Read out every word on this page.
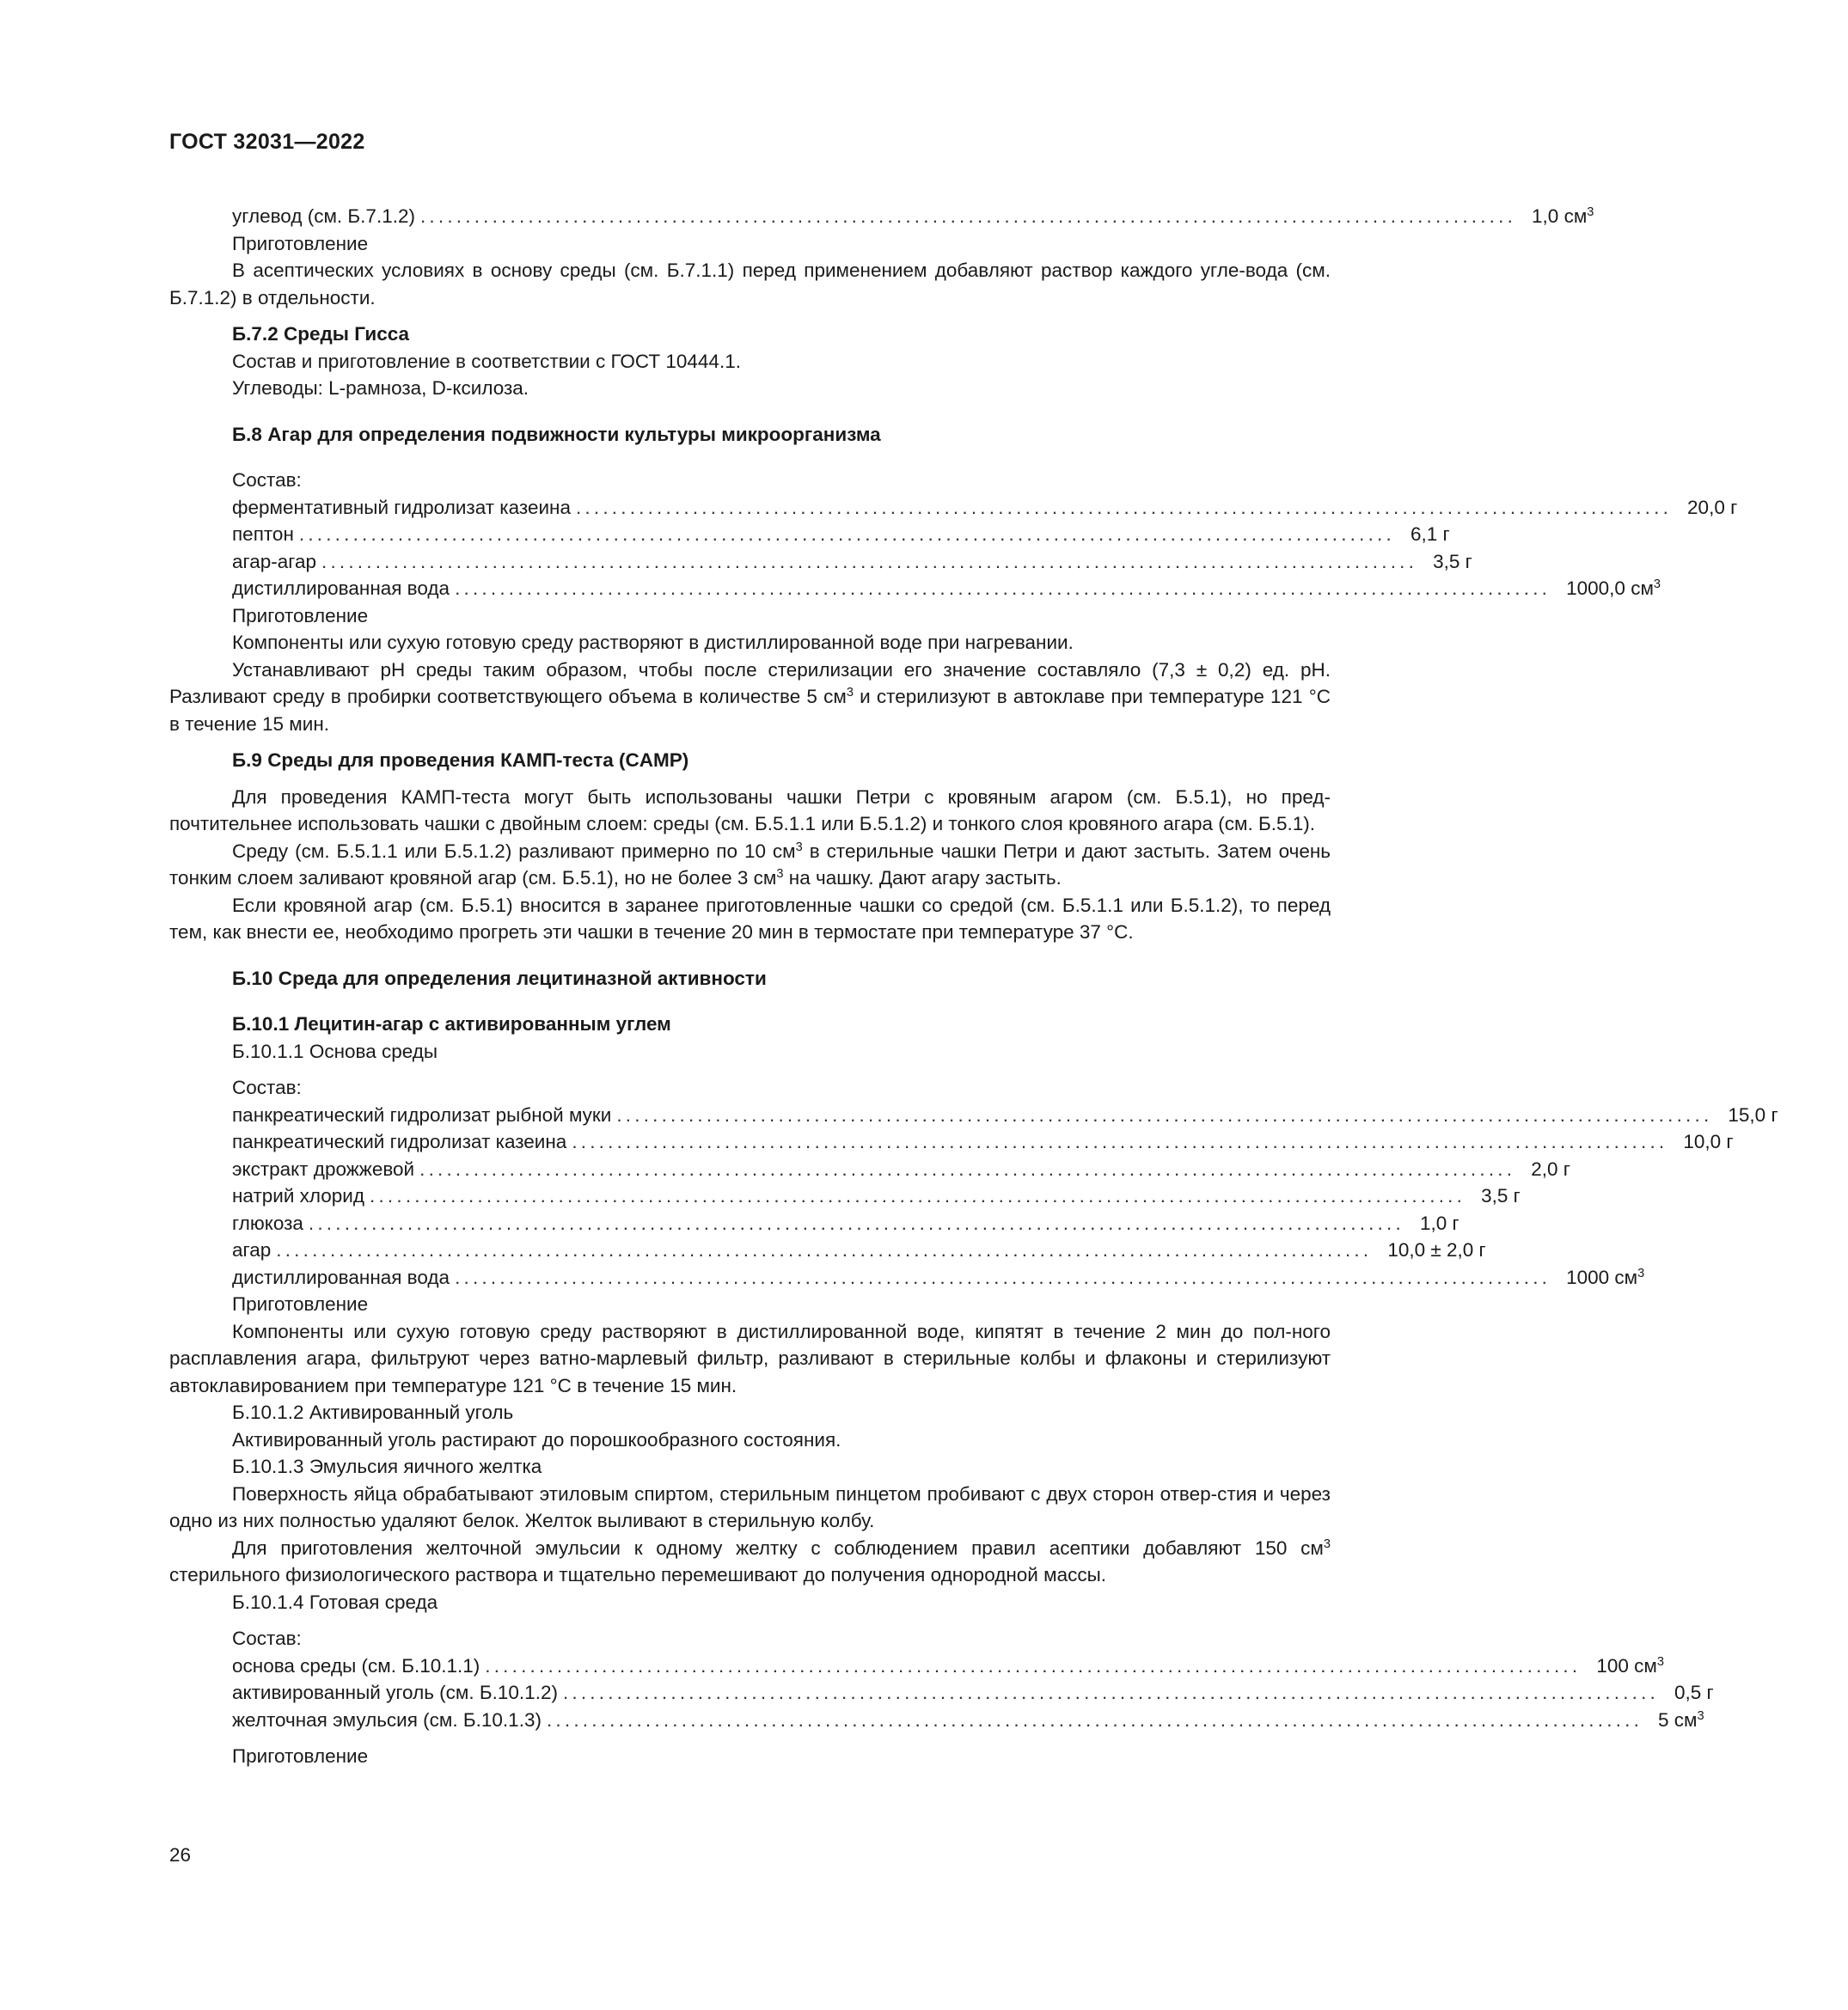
ГОСТ 32031—2022
углевод (см. Б.7.1.2) .......................................................................................................................... 1,0 $см^3$

Приготовление

В асептических условиях в основу среды (см. Б.7.1.1) перед применением добавляют раствор каждого угле-вода (см. Б.7.1.2) в отдельности.

Б.7.2 Среды Гисса

Состав и приготовление в соответствии с ГОСТ 10444.1.

Углеводы: L-рамноза, D-ксилоза.

Б.8 Агар для определения подвижности культуры микроорганизма

Состав:

ферментативный гидролизат казеина .......................................................................................................................... 20,0 г
пептон .......................................................................................................................... 6,1 г
агар-агар .......................................................................................................................... 3,5 г
дистиллированная вода .......................................................................................................................... 1000,0 $см^3$

Приготовление

Компоненты или сухую готовую среду растворяют в дистиллированной воде при нагревании.

Устанавливают pH среды таким образом, чтобы после стерилизации его значение составляло (7,3 ± 0,2) ед. pH. Разливают среду в пробирки соответствующего объема в количестве 5 $см^3$ и стерилизуют в автоклаве при температуре 121 °C в течение 15 мин.

Б.9 Среды для проведения КАМП-теста (CAMP)

Для проведения КАМП-теста могут быть использованы чашки Петри с кровяным агаром (см. Б.5.1), но пред-почтительнее использовать чашки с двойным слоем: среды (см. Б.5.1.1 или Б.5.1.2) и тонкого слоя кровяного агара (см. Б.5.1).

Среду (см. Б.5.1.1 или Б.5.1.2) разливают примерно по 10 $см^3$ в стерильные чашки Петри и дают застыть. Затем очень тонким слоем заливают кровяной агар (см. Б.5.1), но не более 3 $см^3$ на чашку. Дают агару застыть.

Если кровяной агар (см. Б.5.1) вносится в заранее приготовленные чашки со средой (см. Б.5.1.1 или Б.5.1.2), то перед тем, как внести ее, необходимо прогреть эти чашки в течение 20 мин в термостате при температуре 37 °C.

Б.10 Среда для определения лецитиназной активности

Б.10.1 Лецитин-агар с активированным углем

Б.10.1.1 Основа среды

Состав:

панкреатический гидролизат рыбной муки .......................................................................................................................... 15,0 г
панкреатический гидролизат казеина .......................................................................................................................... 10,0 г
экстракт дрожжевой .......................................................................................................................... 2,0 г
натрий хлорид .......................................................................................................................... 3,5 г
глюкоза .......................................................................................................................... 1,0 г
агар .......................................................................................................................... 10,0 ± 2,0 г
дистиллированная вода .......................................................................................................................... 1000 $см^3$

Приготовление

Компоненты или сухую готовую среду растворяют в дистиллированной воде, кипятят в течение 2 мин до пол-ного расплавления агара, фильтруют через ватно-марлевый фильтр, разливают в стерильные колбы и флаконы и стерилизуют автоклавированием при температуре 121 °C в течение 15 мин.

Б.10.1.2 Активированный уголь

Активированный уголь растирают до порошкообразного состояния.

Б.10.1.3 Эмульсия яичного желтка

Поверхность яйца обрабатывают этиловым спиртом, стерильным пинцетом пробивают с двух сторон отвер-стия и через одно из них полностью удаляют белок. Желток выливают в стерильную колбу.

Для приготовления желточной эмульсии к одному желтку с соблюдением правил асептики добавляют 150 $см^3$ стерильного физиологического раствора и тщательно перемешивают до получения однородной массы.

Б.10.1.4 Готовая среда

Состав:

основа среды (см. Б.10.1.1) .......................................................................................................................... 100 $см^3$
активированный уголь (см. Б.10.1.2) .......................................................................................................................... 0,5 г
желточная эмульсия (см. Б.10.1.3) .......................................................................................................................... 5 $см^3$

Приготовление

26
